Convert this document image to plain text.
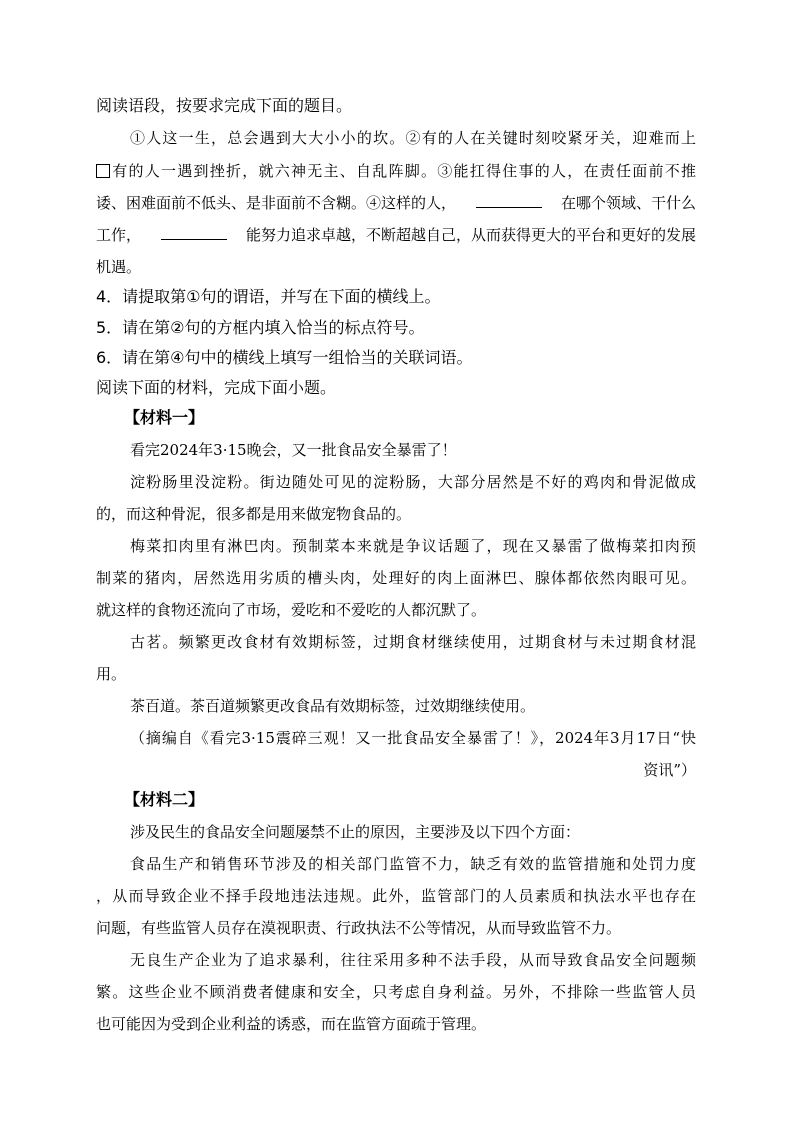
阅读语段，按要求完成下面的题目。
①人这一生，总会遇到大大小小的坎。②有的人在关键时刻咬紧牙关，迎难而上
有的人一遇到挫折，就六神无主、自乱阵脚。③能扛得住事的人，在责任面前不推
诿、困难面前不低头、是非面前不含糊。④这样的人，	在哪个领域、干什么
工作，	能努力追求卓越，不断超越自己，从而获得更大的平台和更好的发展
机遇。
4．请提取第①句的谓语，并写在下面的横线上。
5．请在第②句的方框内填入恰当的标点符号。
6．请在第④句中的横线上填写一组恰当的关联词语。
阅读下面的材料，完成下面小题。
【材料一】
看完2024年3·15晚会，又一批食品安全暴雷了！
淀粉肠里没淀粉。街边随处可见的淀粉肠，大部分居然是不好的鸡肉和骨泥做成
的，而这种骨泥，很多都是用来做宠物食品的。
梅菜扣肉里有淋巴肉。预制菜本来就是争议话题了，现在又暴雷了做梅菜扣肉预
制菜的猪肉，居然选用劣质的槽头肉，处理好的肉上面淋巴、腺体都依然肉眼可见。
就这样的食物还流向了市场，爱吃和不爱吃的人都沉默了。
古茗。频繁更改食材有效期标签，过期食材继续使用，过期食材与未过期食材混
用。
茶百道。茶百道频繁更改食品有效期标签，过效期继续使用。
（摘编自《看完3·15震碎三观！又一批食品安全暴雷了！》，2024年3月17日“快
资讯”）
【材料二】
涉及民生的食品安全问题屡禁不止的原因，主要涉及以下四个方面：
食品生产和销售环节涉及的相关部门监管不力，缺乏有效的监管措施和处罚力度
，从而导致企业不择手段地违法违规。此外，监管部门的人员素质和执法水平也存在
问题，有些监管人员存在漠视职责、行政执法不公等情况，从而导致监管不力。
无良生产企业为了追求暴利，往往采用多种不法手段，从而导致食品安全问题频
繁。这些企业不顾消费者健康和安全，只考虑自身利益。另外，不排除一些监管人员
也可能因为受到企业利益的诱惑，而在监管方面疏于管理。
